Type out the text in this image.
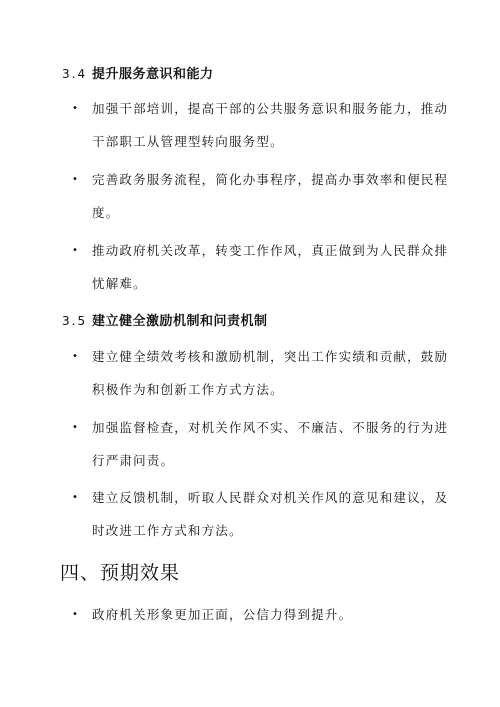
3.4 提升服务意识和能力
•	加强干部培训，提高干部的公共服务意识和服务能力，推动
干部职工从管理型转向服务型。
•	完善政务服务流程，简化办事程序，提高办事效率和便民程
度。
•	推动政府机关改革，转变工作作风，真正做到为人民群众排
忧解难。
3.5 建立健全激励机制和问责机制
•	建立健全绩效考核和激励机制，突出工作实绩和贡献，鼓励
积极作为和创新工作方式方法。
•	加强监督检查，对机关作风不实、不廉洁、不服务的行为进
行严肃问责。
•	建立反馈机制，听取人民群众对机关作风的意见和建议，及
时改进工作方式和方法。
四、预期效果
•	政府机关形象更加正面，公信力得到提升。
